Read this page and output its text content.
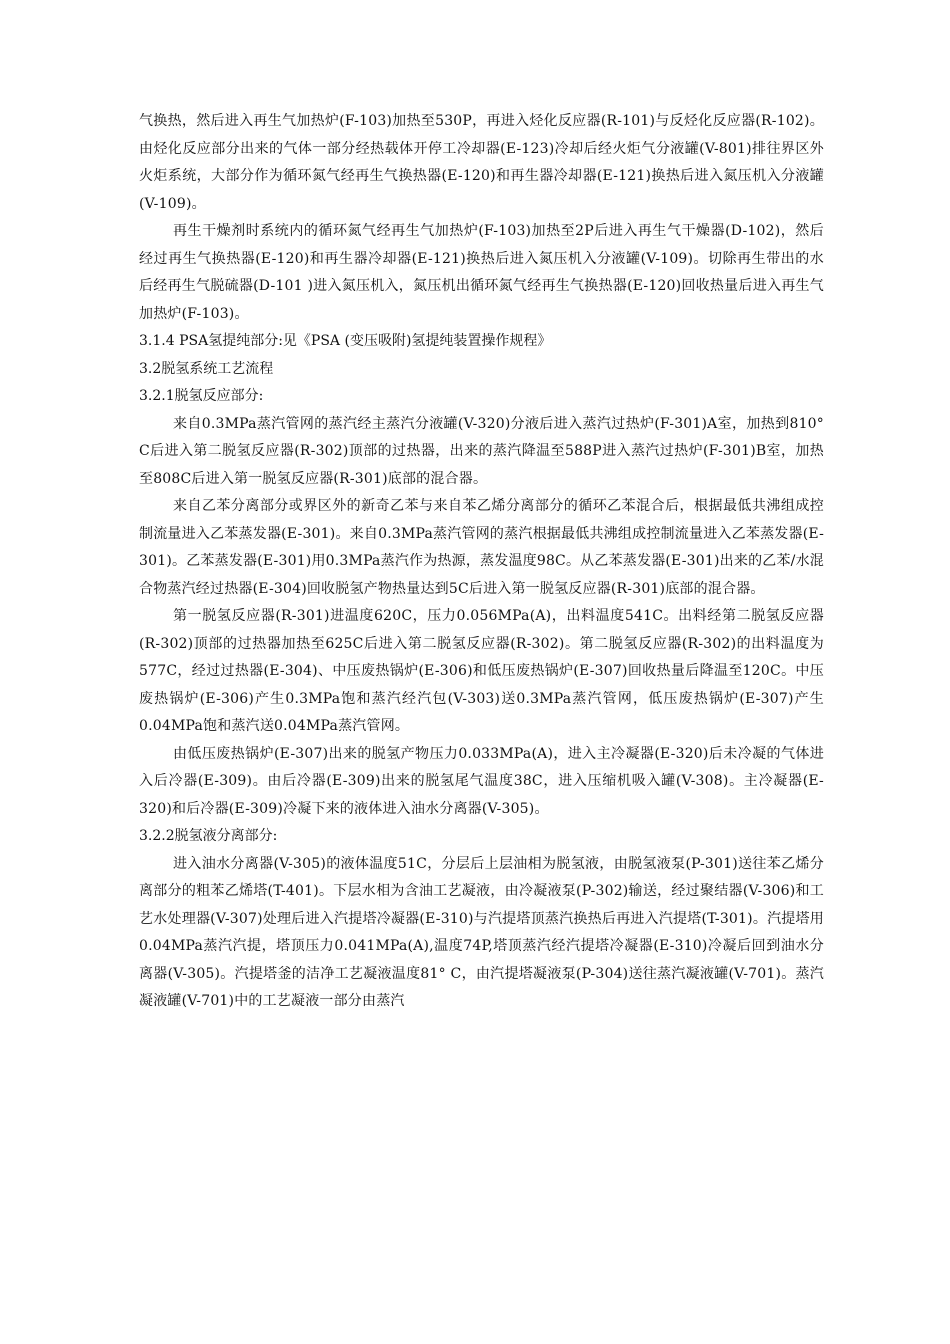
气换热，然后进入再生气加热炉(F-103)加热至530P，再进入烃化反应器(R-101)与反烃化反应器(R-102)。由烃化反应部分出来的气体一部分经热载体开停工冷却器(E-123)冷却后经火炬气分液罐(V-801)排往界区外火炬系统，大部分作为循环氮气经再生气换热器(E-120)和再生器冷却器(E-121)换热后进入氮压机入分液罐(V-109)。

再生干燥剂时系统内的循环氮气经再生气加热炉(F-103)加热至2P后进入再生气干燥器(D-102)，然后经过再生气换热器(E-120)和再生器冷却器(E-121)换热后进入氮压机入分液罐(V-109)。切除再生带出的水后经再生气脱硫器(D-101 )进入氮压机入，氮压机出循环氮气经再生气换热器(E-120)回收热量后进入再生气加热炉(F-103)。

3.1.4 PSA氢提纯部分:见《PSA (变压吸附)氢提纯装置操作规程》

3.2脱氢系统工艺流程

3.2.1脱氢反应部分:

来自0.3MPa蒸汽管网的蒸汽经主蒸汽分液罐(V-320)分液后进入蒸汽过热炉(F-301)A室，加热到810° C后进入第二脱氢反应器(R-302)顶部的过热器，出来的蒸汽降温至588P进入蒸汽过热炉(F-301)B室，加热至808C后进入第一脱氢反应器(R-301)底部的混合器。

来自乙苯分离部分或界区外的新奇乙苯与来自苯乙烯分离部分的循环乙苯混合后，根据最低共沸组成控制流量进入乙苯蒸发器(E-301)。来自0.3MPa蒸汽管网的蒸汽根据最低共沸组成控制流量进入乙苯蒸发器(E-301)。乙苯蒸发器(E-301)用0.3MPa蒸汽作为热源，蒸发温度98C。从乙苯蒸发器(E-301)出来的乙苯/水混合物蒸汽经过热器(E-304)回收脱氢产物热量达到5C后进入第一脱氢反应器(R-301)底部的混合器。

第一脱氢反应器(R-301)进温度620C，压力0.056MPa(A)，出料温度541C。出料经第二脱氢反应器(R-302)顶部的过热器加热至625C后进入第二脱氢反应器(R-302)。第二脱氢反应器(R-302)的出料温度为577C，经过过热器(E-304)、中压废热锅炉(E-306)和低压废热锅炉(E-307)回收热量后降温至120C。中压废热锅炉(E-306)产生0.3MPa饱和蒸汽经汽包(V-303)送0.3MPa蒸汽管网，低压废热锅炉(E-307)产生0.04MPa饱和蒸汽送0.04MPa蒸汽管网。

由低压废热锅炉(E-307)出来的脱氢产物压力0.033MPa(A)，进入主冷凝器(E-320)后未冷凝的气体进入后冷器(E-309)。由后冷器(E-309)出来的脱氢尾气温度38C，进入压缩机吸入罐(V-308)。主冷凝器(E-320)和后冷器(E-309)冷凝下来的液体进入油水分离器(V-305)。

3.2.2脱氢液分离部分:

进入油水分离器(V-305)的液体温度51C，分层后上层油相为脱氢液，由脱氢液泵(P-301)送往苯乙烯分离部分的粗苯乙烯塔(T-401)。下层水相为含油工艺凝液，由冷凝液泵(P-302)输送，经过聚结器(V-306)和工艺水处理器(V-307)处理后进入汽提塔冷凝器(E-310)与汽提塔顶蒸汽换热后再进入汽提塔(T-301)。汽提塔用0.04MPa蒸汽汽提，塔顶压力0.041MPa(A),温度74P,塔顶蒸汽经汽提塔冷凝器(E-310)冷凝后回到油水分离器(V-305)。汽提塔釜的洁净工艺凝液温度81° C，由汽提塔凝液泵(P-304)送往蒸汽凝液罐(V-701)。蒸汽凝液罐(V-701)中的工艺凝液一部分由蒸汽
